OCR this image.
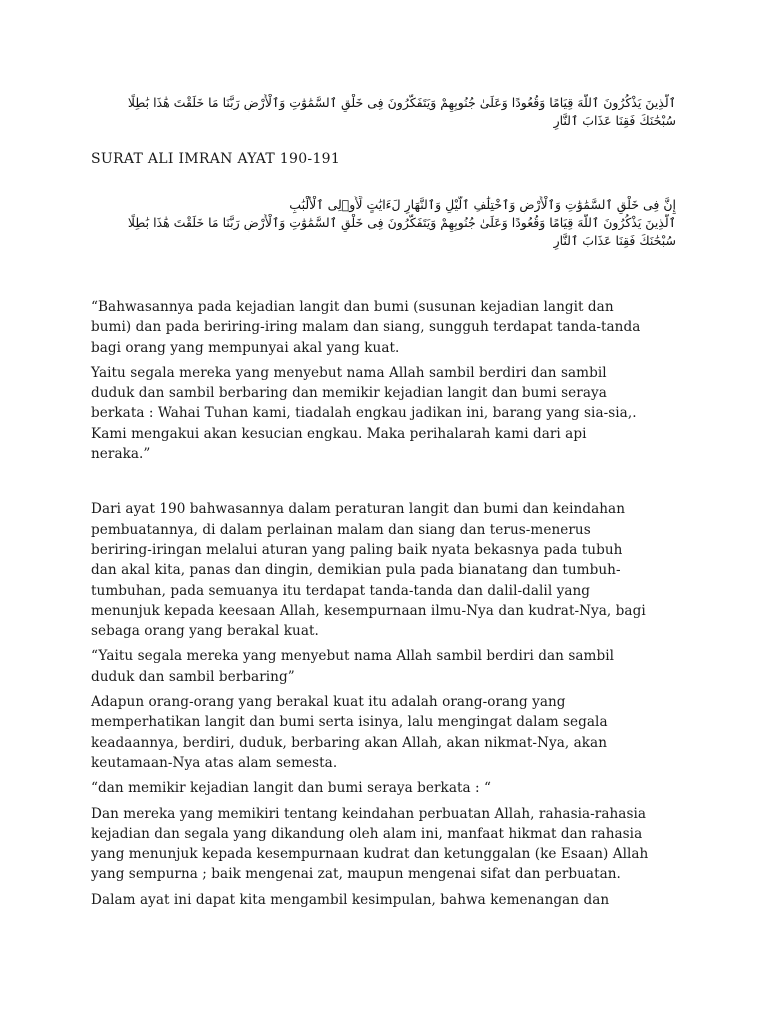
ٱلَّذِينَ يَذْكُرُونَ ٱللَّهَ قِيَامًا وَقُعُودًا وَعَلَىٰ جُنُوبِهِمْ وَيَتَفَكَّرُونَ فِى خَلْقِ ٱلسَّمَٰوَٰتِ وَٱلْأَرْضِ رَبَّنَا مَا خَلَقْتَ هَٰذَا بَٰطِلًا
سُبْحَٰنَكَ فَقِنَا عَذَابَ ٱلنَّارِ

SURAT ALI IMRAN AYAT 190-191

إِنَّ فِى خَلْقِ ٱلسَّمَٰوَٰتِ وَٱلْأَرْضِ وَٱخْتِلَٰفِ ٱلَّيْلِ وَٱلنَّهَارِ لَءَايَٰتٍ لِّأُو۟لِى ٱلْأَلْبَٰبِ
ٱلَّذِينَ يَذْكُرُونَ ٱللَّهَ قِيَامًا وَقُعُودًا وَعَلَىٰ جُنُوبِهِمْ وَيَتَفَكَّرُونَ فِى خَلْقِ ٱلسَّمَٰوَٰتِ وَٱلْأَرْضِ رَبَّنَا مَا خَلَقْتَ هَٰذَا بَٰطِلًا
سُبْحَٰنَكَ فَقِنَا عَذَابَ ٱلنَّارِ

“Bahwasannya pada kejadian langit dan bumi (susunan kejadian langit dan
bumi) dan pada beriring-iring malam dan siang, sungguh terdapat tanda-tanda
bagi orang yang mempunyai akal yang kuat.

Yaitu segala mereka yang menyebut nama Allah sambil berdiri dan sambil
duduk dan sambil berbaring dan memikir kejadian langit dan bumi seraya
berkata : Wahai Tuhan kami, tiadalah engkau jadikan ini, barang yang sia-sia,.
Kami mengakui akan kesucian engkau. Maka perihalarah kami dari api
neraka.”

Dari ayat 190 bahwasannya dalam peraturan langit dan bumi dan keindahan
pembuatannya, di dalam perlainan malam dan siang dan terus-menerus
beriring-iringan melalui aturan yang paling baik nyata bekasnya pada tubuh
dan akal kita, panas dan dingin, demikian pula pada bianatang dan tumbuh-
tumbuhan, pada semuanya itu terdapat tanda-tanda dan dalil-dalil yang
menunjuk kepada keesaan Allah, kesempurnaan ilmu-Nya dan kudrat-Nya, bagi
sebaga orang yang berakal kuat.

“Yaitu segala mereka yang menyebut nama Allah sambil berdiri dan sambil
duduk dan sambil berbaring”

Adapun orang-orang yang berakal kuat itu adalah orang-orang yang
memperhatikan langit dan bumi serta isinya, lalu mengingat dalam segala
keadaannya, berdiri, duduk, berbaring akan Allah, akan nikmat-Nya, akan
keutamaan-Nya atas alam semesta.

“dan memikir kejadian langit dan bumi seraya berkata : “

Dan mereka yang memikiri tentang keindahan perbuatan Allah, rahasia-rahasia
kejadian dan segala yang dikandung oleh alam ini, manfaat hikmat dan rahasia
yang menunjuk kepada kesempurnaan kudrat dan ketunggalan (ke Esaan) Allah
yang sempurna ; baik mengenai zat, maupun mengenai sifat dan perbuatan.

Dalam ayat ini dapat kita mengambil kesimpulan, bahwa kemenangan dan
